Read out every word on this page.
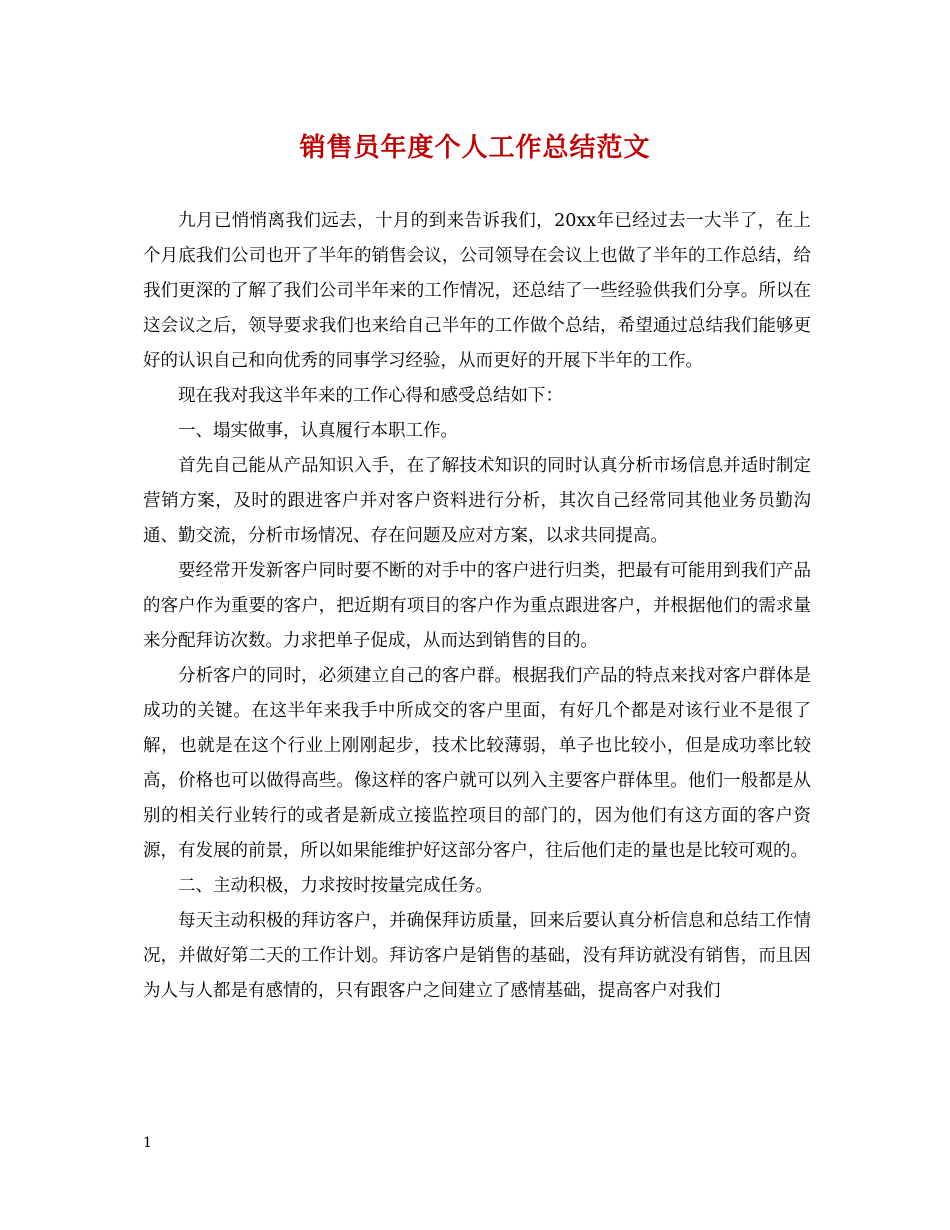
销售员年度个人工作总结范文

九月已悄悄离我们远去，十月的到来告诉我们，20xx年已经过去一大半了，在上个月底我们公司也开了半年的销售会议，公司领导在会议上也做了半年的工作总结，给我们更深的了解了我们公司半年来的工作情况，还总结了一些经验供我们分享。所以在这会议之后，领导要求我们也来给自己半年的工作做个总结，希望通过总结我们能够更好的认识自己和向优秀的同事学习经验，从而更好的开展下半年的工作。

现在我对我这半年来的工作心得和感受总结如下：

一、塌实做事，认真履行本职工作。

首先自己能从产品知识入手，在了解技术知识的同时认真分析市场信息并适时制定营销方案，及时的跟进客户并对客户资料进行分析，其次自己经常同其他业务员勤沟通、勤交流，分析市场情况、存在问题及应对方案，以求共同提高。

要经常开发新客户同时要不断的对手中的客户进行归类，把最有可能用到我们产品的客户作为重要的客户，把近期有项目的客户作为重点跟进客户，并根据他们的需求量来分配拜访次数。力求把单子促成，从而达到销售的目的。

分析客户的同时，必须建立自己的客户群。根据我们产品的特点来找对客户群体是成功的关键。在这半年来我手中所成交的客户里面，有好几个都是对该行业不是很了解，也就是在这个行业上刚刚起步，技术比较薄弱，单子也比较小，但是成功率比较高，价格也可以做得高些。像这样的客户就可以列入主要客户群体里。他们一般都是从别的相关行业转行的或者是新成立接监控项目的部门的，因为他们有这方面的客户资源，有发展的前景，所以如果能维护好这部分客户，往后他们走的量也是比较可观的。

二、主动积极，力求按时按量完成任务。

每天主动积极的拜访客户，并确保拜访质量，回来后要认真分析信息和总结工作情况，并做好第二天的工作计划。拜访客户是销售的基础，没有拜访就没有销售，而且因为人与人都是有感情的，只有跟客户之间建立了感情基础，提高客户对我们

1
